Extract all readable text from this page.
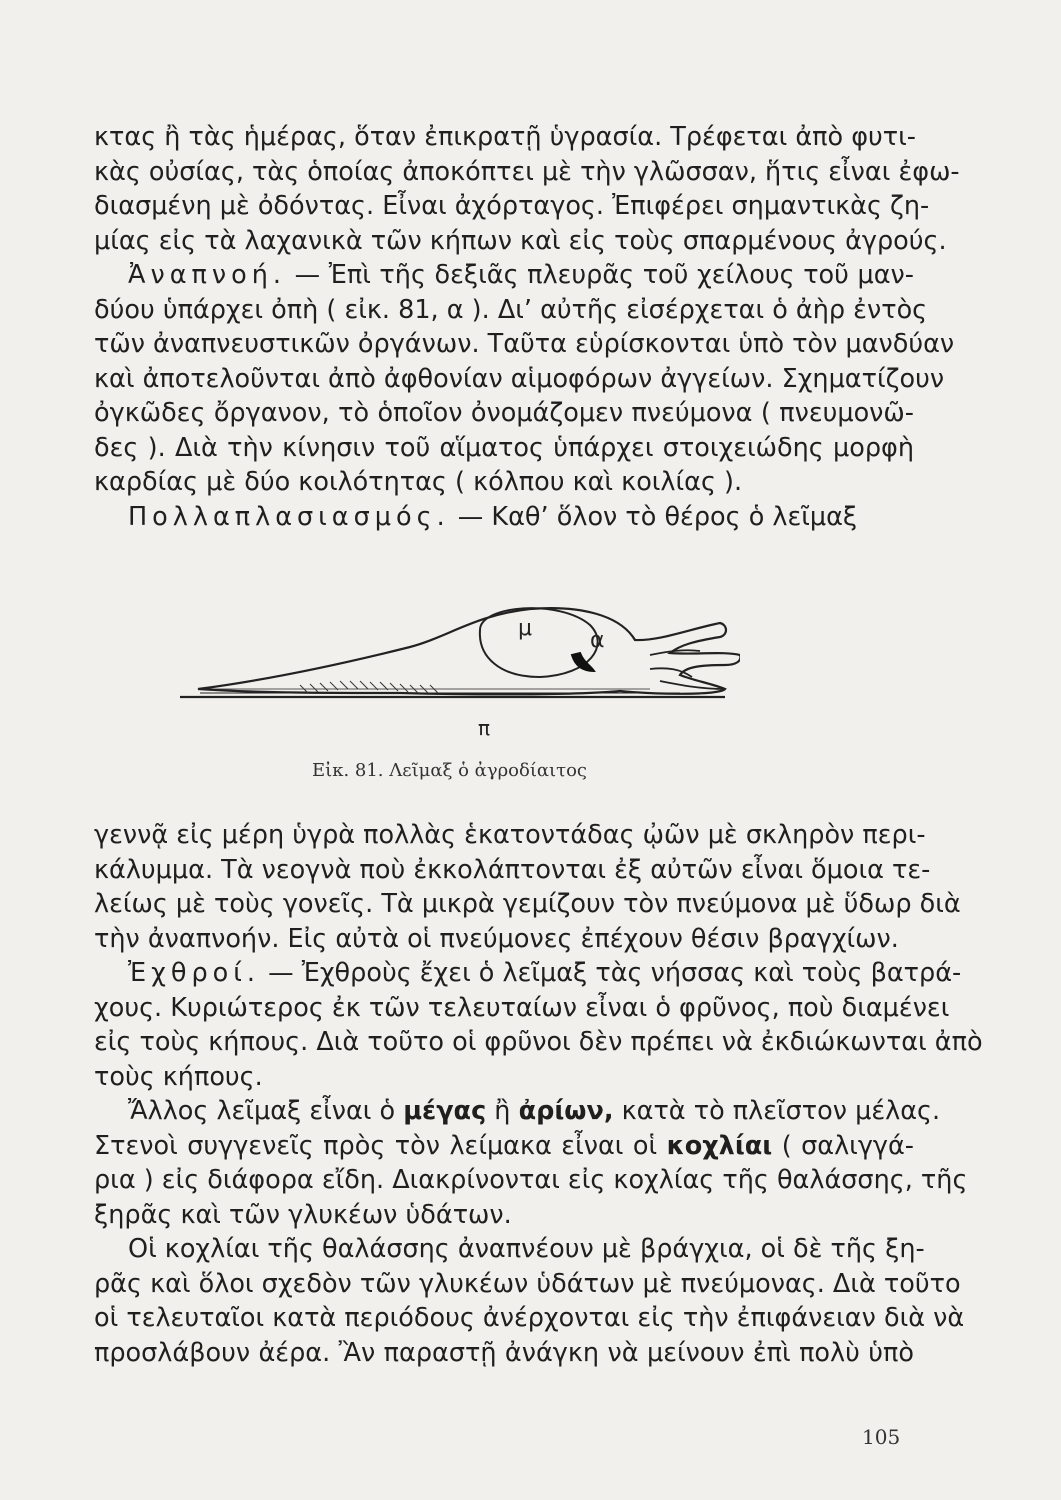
κτας ἢ τὰς ἡμέρας, ὅταν ἐπικρατῇ ὑγρασία. Τρέφεται ἀπὸ φυτι-
κὰς οὐσίας, τὰς ὁποίας ἀποκόπτει μὲ τὴν γλῶσσαν, ἥτις εἶναι ἐφω-
διασμένη μὲ ὀδόντας. Εἶναι ἀχόρταγος. Ἐπιφέρει σημαντικὰς ζη-
μίας εἰς τὰ λαχανικὰ τῶν κήπων καὶ εἰς τοὺς σπαρμένους ἀγρούς.
Ἀναπνοή. — Ἐπὶ τῆς δεξιᾶς πλευρᾶς τοῦ χείλους τοῦ μαν-
δύου ὑπάρχει ὀπὴ ( εἰκ. 81, α ). Δι’ αὐτῆς εἰσέρχεται ὁ ἀὴρ ἐντὸς
τῶν ἀναπνευστικῶν ὀργάνων. Ταῦτα εὑρίσκονται ὑπὸ τὸν μανδύαν
καὶ ἀποτελοῦνται ἀπὸ ἀφθονίαν αἱμοφόρων ἀγγείων. Σχηματίζουν
ὀγκῶδες ὄργανον, τὸ ὁποῖον ὀνομάζομεν πνεύμονα ( πνευμονῶ-
δες ). Διὰ τὴν κίνησιν τοῦ αἵματος ὑπάρχει στοιχειώδης μορφὴ
καρδίας μὲ δύο κοιλότητας ( κόλπου καὶ κοιλίας ).
Πολλαπλασιασμός. — Καθ’ ὅλον τὸ θέρος ὁ λεῖμαξ
μ	α
π
Εἰκ. 81. Λεῖμαξ ὁ ἀγροδίαιτος
γεννᾷ εἰς μέρη ὑγρὰ πολλὰς ἑκατοντάδας ᾠῶν μὲ σκληρὸν περι-
κάλυμμα. Τὰ νεογνὰ ποὺ ἐκκολάπτονται ἐξ αὐτῶν εἶναι ὅμοια τε-
λείως μὲ τοὺς γονεῖς. Τὰ μικρὰ γεμίζουν τὸν πνεύμονα μὲ ὕδωρ διὰ
τὴν ἀναπνοήν. Εἰς αὐτὰ οἱ πνεύμονες ἐπέχουν θέσιν βραγχίων.
Ἐχθροί. — Ἐχθροὺς ἔχει ὁ λεῖμαξ τὰς νήσσας καὶ τοὺς βατρά-
χους. Κυριώτερος ἐκ τῶν τελευταίων εἶναι ὁ φρῦνος, ποὺ διαμένει
εἰς τοὺς κήπους. Διὰ τοῦτο οἱ φρῦνοι δὲν πρέπει νὰ ἐκδιώκωνται ἀπὸ
τοὺς κήπους.
Ἄλλος λεῖμαξ εἶναι ὁ μέγας ἢ ἀρίων, κατὰ τὸ πλεῖστον μέλας.
Στενοὶ συγγενεῖς πρὸς τὸν λείμακα εἶναι οἱ κοχλίαι ( σαλιγγά-
ρια ) εἰς διάφορα εἴδη. Διακρίνονται εἰς κοχλίας τῆς θαλάσσης, τῆς
ξηρᾶς καὶ τῶν γλυκέων ὑδάτων.
Οἱ κοχλίαι τῆς θαλάσσης ἀναπνέουν μὲ βράγχια, οἱ δὲ τῆς ξη-
ρᾶς καὶ ὅλοι σχεδὸν τῶν γλυκέων ὑδάτων μὲ πνεύμονας. Διὰ τοῦτο
οἱ τελευταῖοι κατὰ περιόδους ἀνέρχονται εἰς τὴν ἐπιφάνειαν διὰ νὰ
προσλάβουν ἀέρα. Ἂν παραστῇ ἀνάγκη νὰ μείνουν ἐπὶ πολὺ ὑπὸ
105
